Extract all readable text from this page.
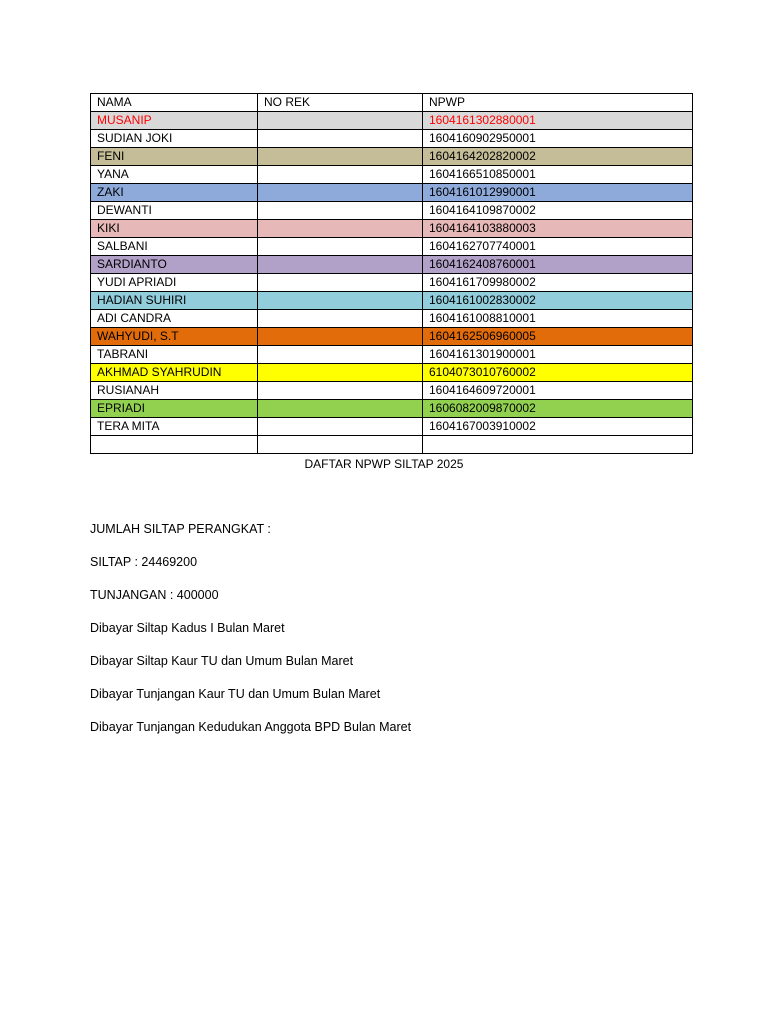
NAMA	NO REK	NPWP
MUSANIP		1604161302880001
SUDIAN JOKI		1604160902950001
FENI		1604164202820002
YANA		1604166510850001
ZAKI		1604161012990001
DEWANTI		1604164109870002
KIKI		1604164103880003
SALBANI		1604162707740001
SARDIANTO		1604162408760001
YUDI APRIADI		1604161709980002
HADIAN SUHIRI		1604161002830002
ADI CANDRA		1604161008810001
WAHYUDI, S.T		1604162506960005
TABRANI		1604161301900001
AKHMAD SYAHRUDIN		6104073010760002
RUSIANAH		1604164609720001
EPRIADI		1606082009870002
TERA MITA		1604167003910002

DAFTAR NPWP SILTAP 2025
JUMLAH SILTAP PERANGKAT :
SILTAP : 24469200
TUNJANGAN : 400000
Dibayar Siltap Kadus I Bulan Maret
Dibayar Siltap Kaur TU dan Umum Bulan Maret
Dibayar Tunjangan Kaur TU dan Umum Bulan Maret
Dibayar Tunjangan Kedudukan Anggota BPD Bulan Maret
